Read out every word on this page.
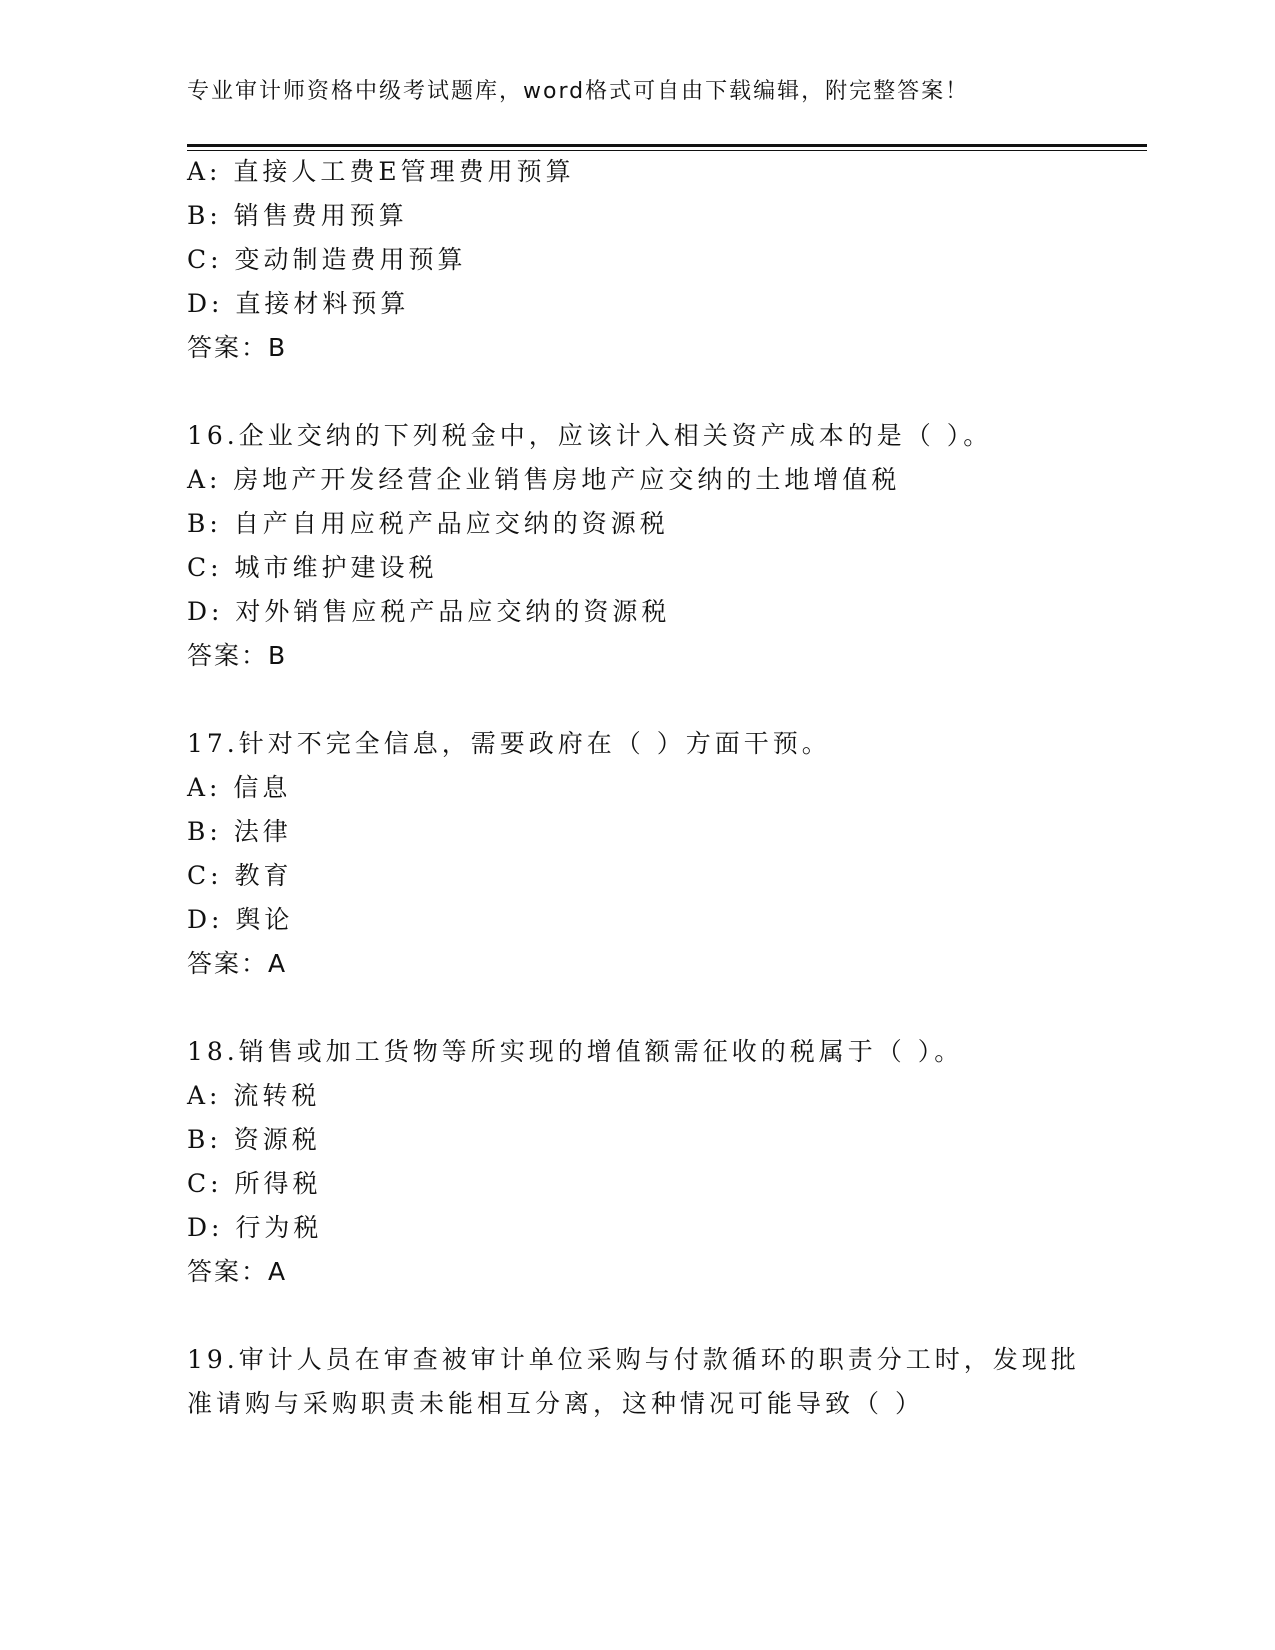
专业审计师资格中级考试题库，word格式可自由下载编辑，附完整答案！
A: 直接人工费E管理费用预算
B: 销售费用预算
C: 变动制造费用预算
D: 直接材料预算
答案：B
16.企业交纳的下列税金中，应该计入相关资产成本的是（ ）。
A: 房地产开发经营企业销售房地产应交纳的土地增值税
B: 自产自用应税产品应交纳的资源税
C: 城市维护建设税
D: 对外销售应税产品应交纳的资源税
答案：B
17.针对不完全信息，需要政府在（ ）方面干预。
A: 信息
B: 法律
C: 教育
D: 舆论
答案：A
18.销售或加工货物等所实现的增值额需征收的税属于（ ）。
A: 流转税
B: 资源税
C: 所得税
D: 行为税
答案：A
19.审计人员在审查被审计单位采购与付款循环的职责分工时，发现批
准请购与采购职责未能相互分离，这种情况可能导致（ ）
